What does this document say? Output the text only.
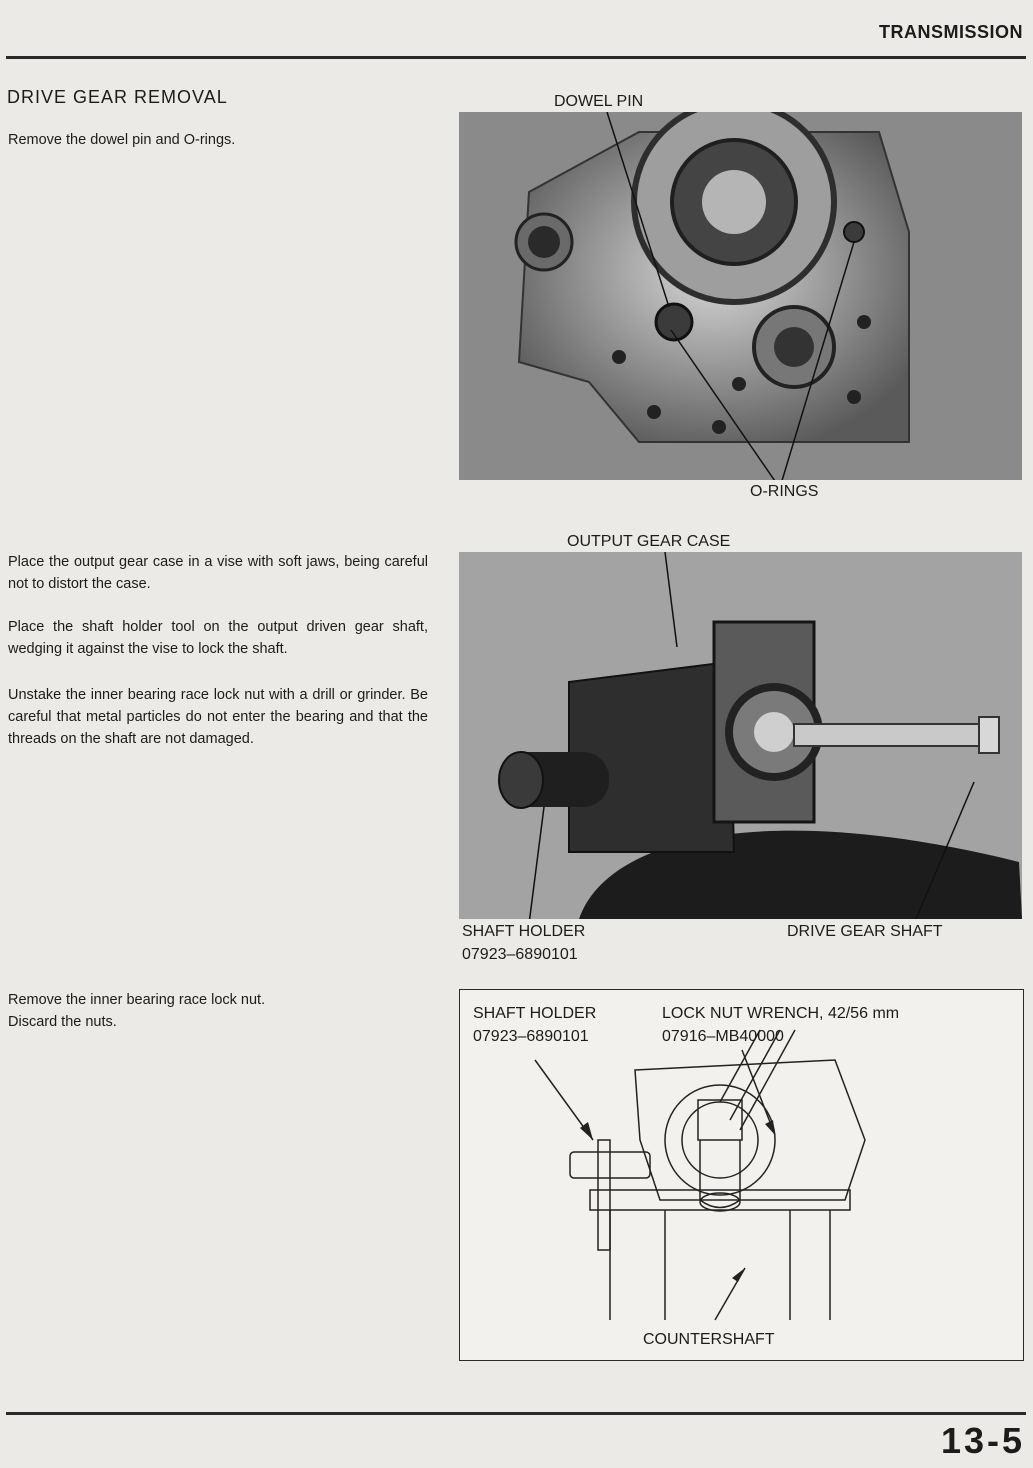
TRANSMISSION
DRIVE GEAR REMOVAL

Remove the dowel pin and O-rings.

Place the output gear case in a vise with soft jaws, being careful not to distort the case.

Place the shaft holder tool on the output driven gear shaft, wedging it against the vise to lock the shaft.

Unstake the inner bearing race lock nut with a drill or grinder. Be careful that metal particles do not enter the bearing and that the threads on the shaft are not damaged.

Remove the inner bearing race lock nut.

Discard the nuts.

DOWEL PIN
O-RINGS
OUTPUT GEAR CASE
SHAFT HOLDER
07923–6890101
DRIVE GEAR SHAFT
SHAFT HOLDER
07923–6890101
LOCK NUT WRENCH, 42/56 mm
07916–MB40000
COUNTERSHAFT
13-5
